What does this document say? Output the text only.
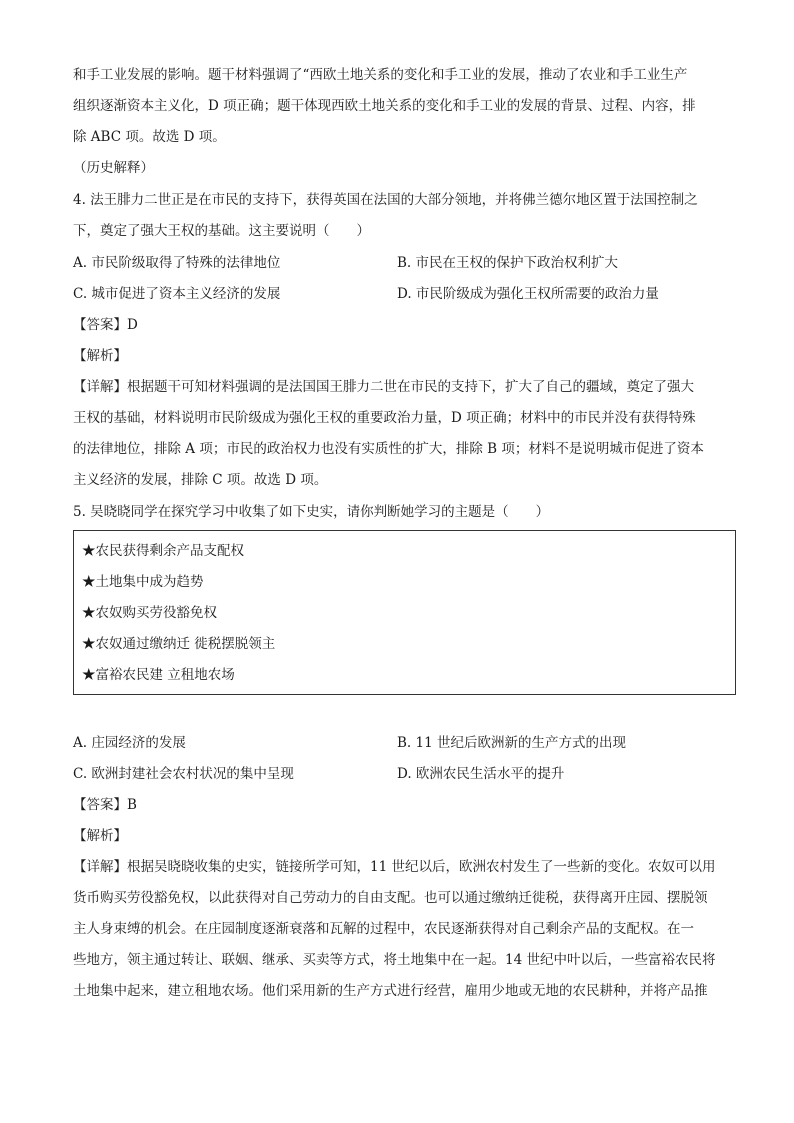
和手工业发展的影响。题干材料强调了“西欧土地关系的变化和手工业的发展，推动了农业和手工业生产
组织逐渐资本主义化，D 项正确；题干体现西欧土地关系的变化和手工业的发展的背景、过程、内容，排
除 ABC 项。故选 D 项。
（历史解释）
4. 法王腓力二世正是在市民的支持下，获得英国在法国的大部分领地，并将佛兰德尔地区置于法国控制之
下，奠定了强大王权的基础。这主要说明（　　）
A. 市民阶级取得了特殊的法律地位	B. 市民在王权的保护下政治权利扩大
C. 城市促进了资本主义经济的发展	D. 市民阶级成为强化王权所需要的政治力量
【答案】D
【解析】
【详解】根据题干可知材料强调的是法国国王腓力二世在市民的支持下，扩大了自己的疆域，奠定了强大
王权的基础，材料说明市民阶级成为强化王权的重要政治力量，D 项正确；材料中的市民并没有获得特殊
的法律地位，排除 A 项；市民的政治权力也没有实质性的扩大，排除 B 项；材料不是说明城市促进了资本
主义经济的发展，排除 C 项。故选 D 项。
5. 吴晓晓同学在探究学习中收集了如下史实，请你判断她学习的主题是（　　）
★农民获得剩余产品支配权
★土地集中成为趋势
★农奴购买劳役豁免权
★农奴通过缴纳迁 徙税摆脱领主
★富裕农民建 立租地农场
A. 庄园经济的发展	B. 11 世纪后欧洲新的生产方式的出现
C. 欧洲封建社会农村状况的集中呈现	D. 欧洲农民生活水平的提升
【答案】B
【解析】
【详解】根据吴晓晓收集的史实，链接所学可知，11 世纪以后，欧洲农村发生了一些新的变化。农奴可以用
货币购买劳役豁免权，以此获得对自己劳动力的自由支配。也可以通过缴纳迁徙税，获得离开庄园、摆脱领
主人身束缚的机会。在庄园制度逐渐衰落和瓦解的过程中，农民逐渐获得对自己剩余产品的支配权。在一
些地方，领主通过转让、联姻、继承、买卖等方式，将土地集中在一起。14 世纪中叶以后，一些富裕农民将
土地集中起来，建立租地农场。他们采用新的生产方式进行经营，雇用少地或无地的农民耕种，并将产品推
